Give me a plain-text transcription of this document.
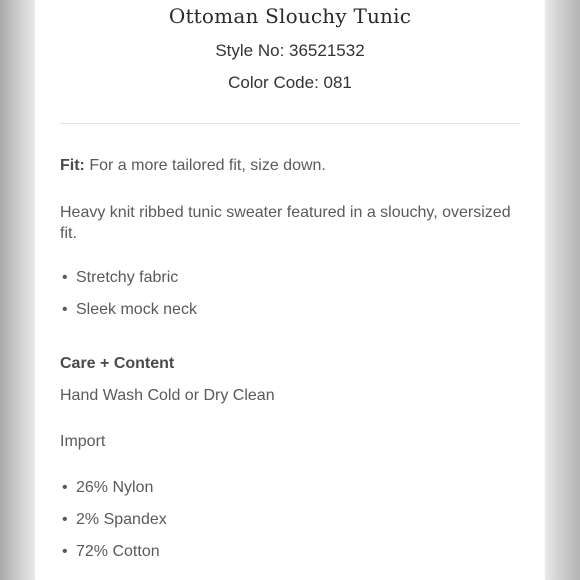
Ottoman Slouchy Tunic
Style No: 36521532
Color Code: 081
Fit: For a more tailored fit, size down.
Heavy knit ribbed tunic sweater featured in a slouchy, oversized fit.
• Stretchy fabric
• Sleek mock neck
Care + Content
Hand Wash Cold or Dry Clean
Import
• 26% Nylon
• 2% Spandex
• 72% Cotton
